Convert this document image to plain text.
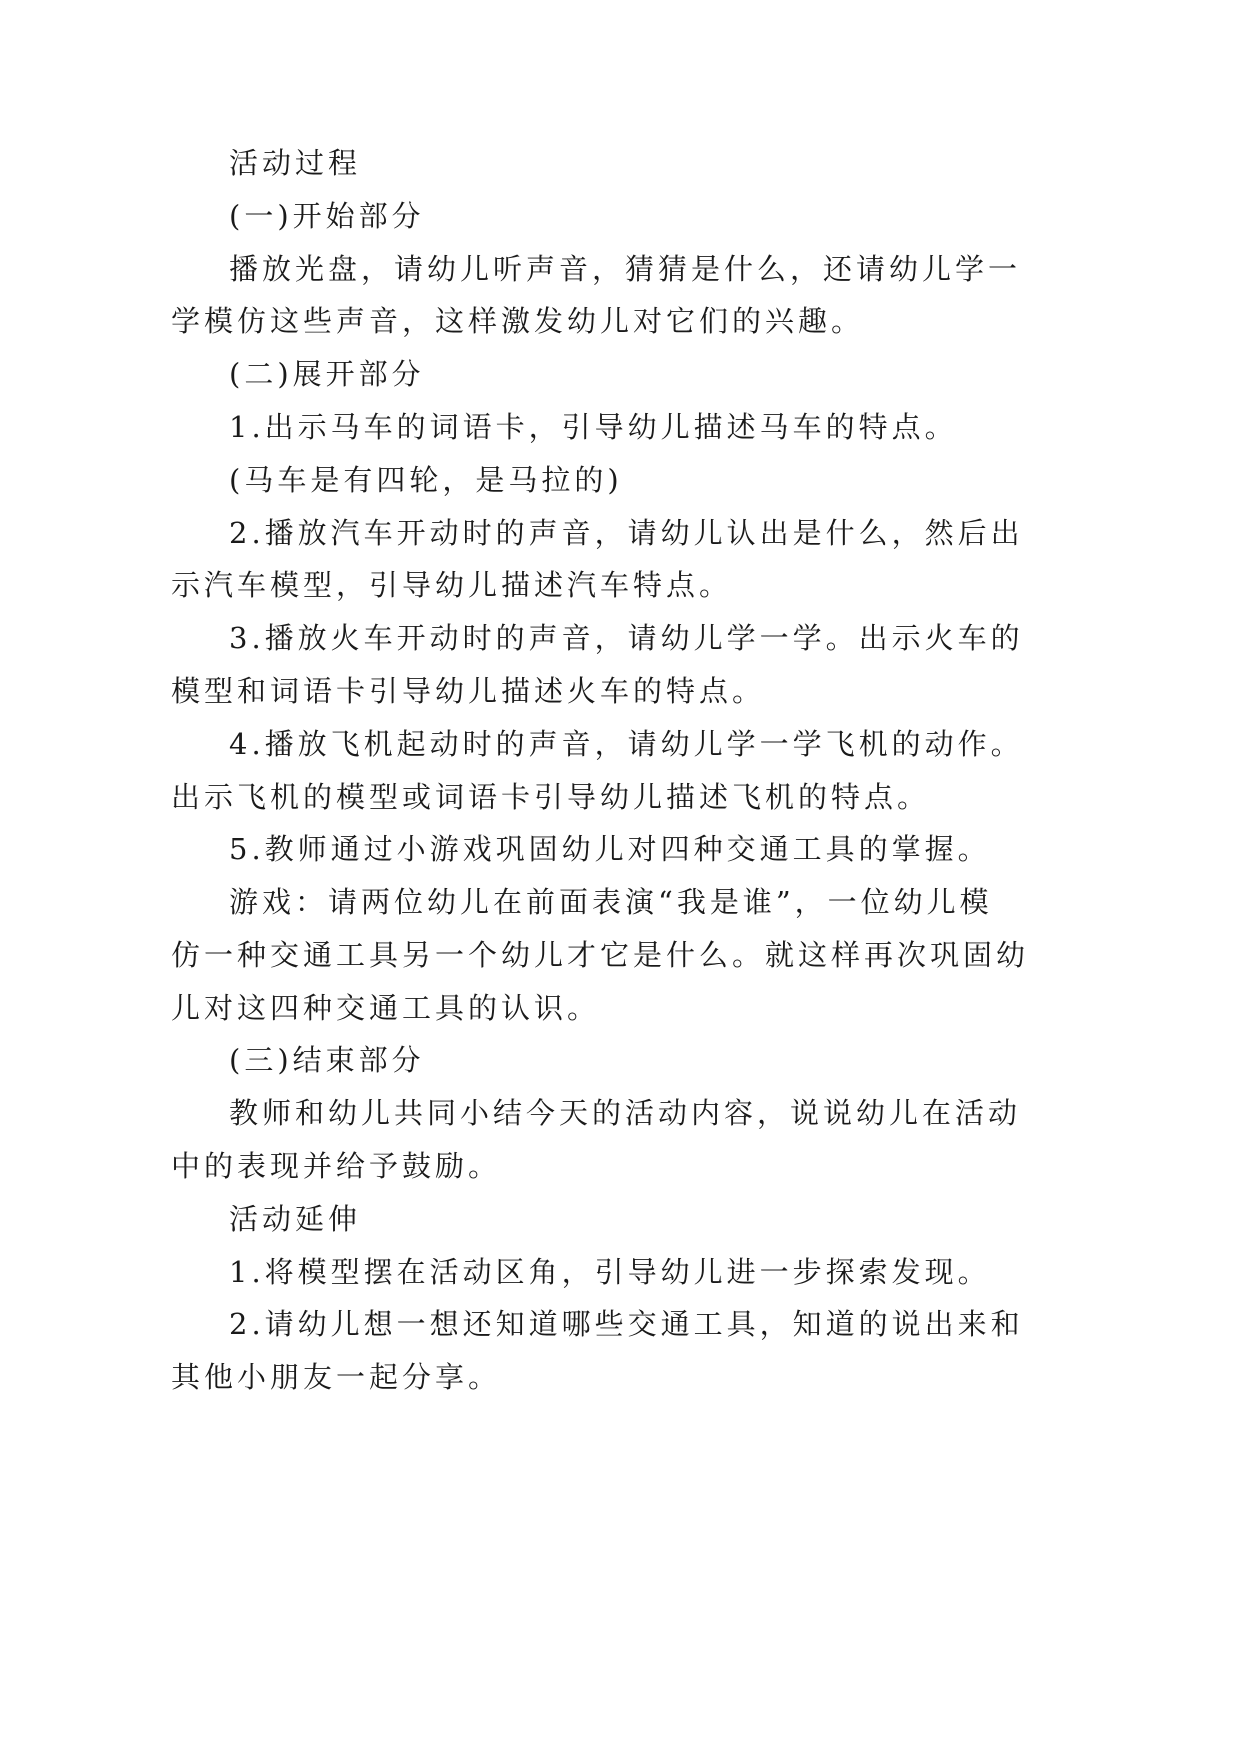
活动过程
(一)开始部分
播放光盘，请幼儿听声音，猜猜是什么，还请幼儿学一
学模仿这些声音，这样激发幼儿对它们的兴趣。
(二)展开部分
1.出示马车的词语卡，引导幼儿描述马车的特点。
(马车是有四轮，是马拉的)
2.播放汽车开动时的声音，请幼儿认出是什么，然后出
示汽车模型，引导幼儿描述汽车特点。
3.播放火车开动时的声音，请幼儿学一学。出示火车的
模型和词语卡引导幼儿描述火车的特点。
4.播放飞机起动时的声音，请幼儿学一学飞机的动作。
出示飞机的模型或词语卡引导幼儿描述飞机的特点。
5.教师通过小游戏巩固幼儿对四种交通工具的掌握。
游戏：请两位幼儿在前面表演“我是谁”，一位幼儿模
仿一种交通工具另一个幼儿才它是什么。就这样再次巩固幼
儿对这四种交通工具的认识。
(三)结束部分
教师和幼儿共同小结今天的活动内容，说说幼儿在活动
中的表现并给予鼓励。
活动延伸
1.将模型摆在活动区角，引导幼儿进一步探索发现。
2.请幼儿想一想还知道哪些交通工具，知道的说出来和
其他小朋友一起分享。
